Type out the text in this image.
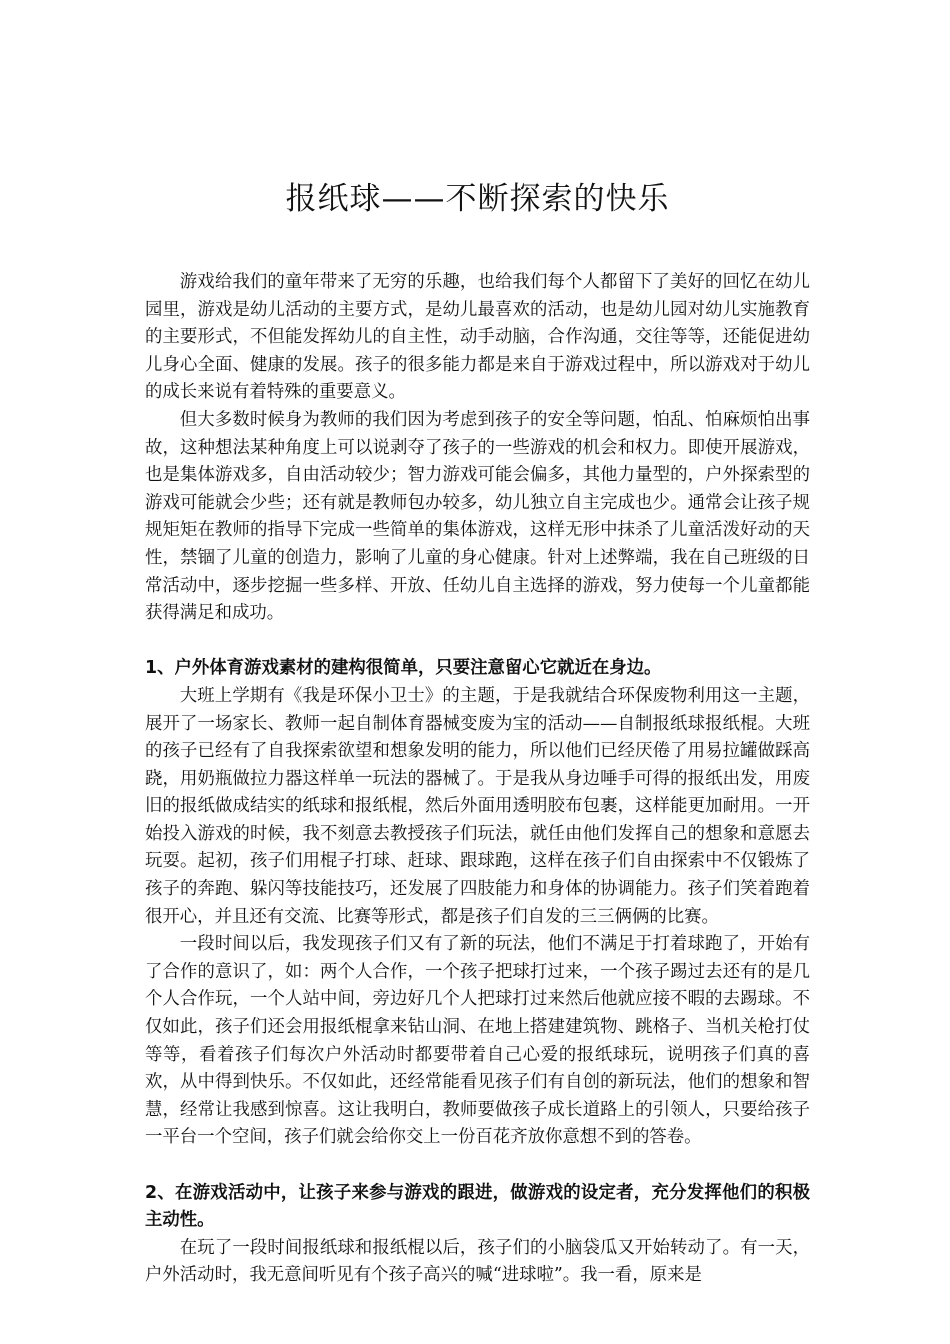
报纸球——不断探索的快乐

游戏给我们的童年带来了无穷的乐趣，也给我们每个人都留下了美好的回忆在幼儿园里，游戏是幼儿活动的主要方式，是幼儿最喜欢的活动，也是幼儿园对幼儿实施教育的主要形式，不但能发挥幼儿的自主性，动手动脑，合作沟通，交往等等，还能促进幼儿身心全面、健康的发展。孩子的很多能力都是来自于游戏过程中，所以游戏对于幼儿的成长来说有着特殊的重要意义。

但大多数时候身为教师的我们因为考虑到孩子的安全等问题，怕乱、怕麻烦怕出事故，这种想法某种角度上可以说剥夺了孩子的一些游戏的机会和权力。即使开展游戏，也是集体游戏多，自由活动较少；智力游戏可能会偏多，其他力量型的，户外探索型的游戏可能就会少些；还有就是教师包办较多，幼儿独立自主完成也少。通常会让孩子规规矩矩在教师的指导下完成一些简单的集体游戏，这样无形中抹杀了儿童活泼好动的天性，禁锢了儿童的创造力，影响了儿童的身心健康。针对上述弊端，我在自己班级的日常活动中，逐步挖掘一些多样、开放、任幼儿自主选择的游戏，努力使每一个儿童都能获得满足和成功。

1、户外体育游戏素材的建构很简单，只要注意留心它就近在身边。

大班上学期有《我是环保小卫士》的主题，于是我就结合环保废物利用这一主题，展开了一场家长、教师一起自制体育器械变废为宝的活动——自制报纸球报纸棍。大班的孩子已经有了自我探索欲望和想象发明的能力，所以他们已经厌倦了用易拉罐做踩高跷，用奶瓶做拉力器这样单一玩法的器械了。于是我从身边唾手可得的报纸出发，用废旧的报纸做成结实的纸球和报纸棍，然后外面用透明胶布包裹，这样能更加耐用。一开始投入游戏的时候，我不刻意去教授孩子们玩法，就任由他们发挥自己的想象和意愿去玩耍。起初，孩子们用棍子打球、赶球、跟球跑，这样在孩子们自由探索中不仅锻炼了孩子的奔跑、躲闪等技能技巧，还发展了四肢能力和身体的协调能力。孩子们笑着跑着很开心，并且还有交流、比赛等形式，都是孩子们自发的三三俩俩的比赛。

一段时间以后，我发现孩子们又有了新的玩法，他们不满足于打着球跑了，开始有了合作的意识了，如：两个人合作，一个孩子把球打过来，一个孩子踢过去还有的是几个人合作玩，一个人站中间，旁边好几个人把球打过来然后他就应接不暇的去踢球。不仅如此，孩子们还会用报纸棍拿来钻山洞、在地上搭建建筑物、跳格子、当机关枪打仗等等，看着孩子们每次户外活动时都要带着自己心爱的报纸球玩，说明孩子们真的喜欢，从中得到快乐。不仅如此，还经常能看见孩子们有自创的新玩法，他们的想象和智慧，经常让我感到惊喜。这让我明白，教师要做孩子成长道路上的引领人，只要给孩子一平台一个空间，孩子们就会给你交上一份百花齐放你意想不到的答卷。

2、在游戏活动中，让孩子来参与游戏的跟进，做游戏的设定者，充分发挥他们的积极主动性。

在玩了一段时间报纸球和报纸棍以后，孩子们的小脑袋瓜又开始转动了。有一天，户外活动时，我无意间听见有个孩子高兴的喊“进球啦”。我一看，原来是
